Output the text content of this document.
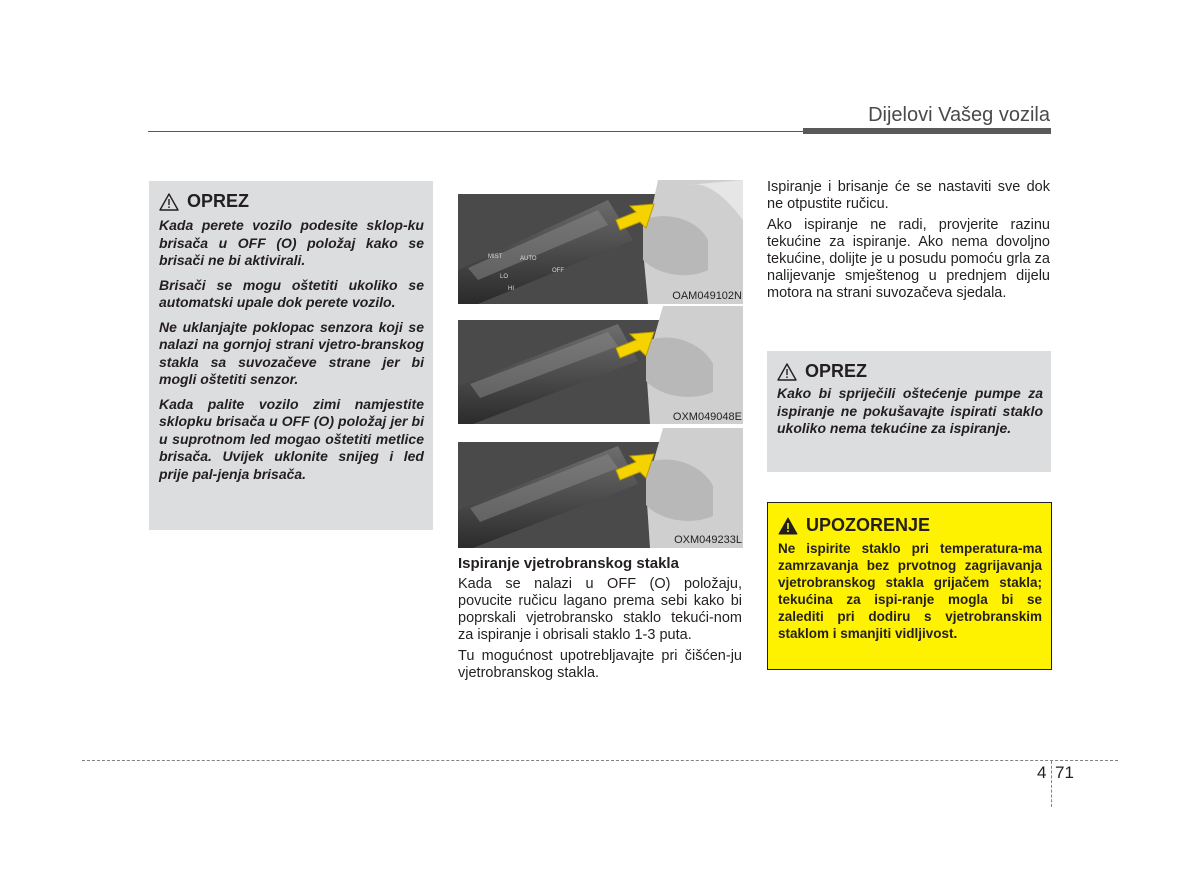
Dijelovi Vašeg vozila
OPREZ

Kada perete vozilo podesite sklop-ku brisača u OFF (O) položaj kako se brisači ne bi aktivirali.

Brisači se mogu oštetiti ukoliko se automatski upale dok perete vozilo.

Ne uklanjajte poklopac senzora koji se nalazi na gornjoj strani vjetro-branskog stakla sa suvozačeve strane jer bi mogli oštetiti senzor.

Kada palite vozilo zimi namjestite sklopku brisača u OFF (O) položaj jer bi u suprotnom led mogao oštetiti metlice brisača. Uvijek uklonite snijeg i led prije pal-jenja brisača.

AUTO
MIST
LO
HI
OFF
OAM049102N
OXM049048E
OXM049233L
Ispiranje vjetrobranskog stakla

Kada se nalazi u OFF (O) položaju, povucite ručicu lagano prema sebi kako bi poprskali vjetrobransko staklo tekući-nom za ispiranje i obrisali staklo 1-3 puta.

Tu mogućnost upotrebljavajte pri čišćen-ju vjetrobranskog stakla.

Ispiranje i brisanje će se nastaviti sve dok ne otpustite ručicu.

Ako ispiranje ne radi, provjerite razinu tekućine za ispiranje. Ako nema dovoljno tekućine, dolijte je u posudu pomoću grla za nalijevanje smještenog u prednjem dijelu motora na strani suvozačeva sjedala.

OPREZ

Kako bi spriječili oštećenje pumpe za ispiranje ne pokušavajte ispirati staklo ukoliko nema tekućine za ispiranje.

UPOZORENJE
Ne ispirite staklo pri temperatura-ma zamrzavanja bez prvotnog zagrijavanja vjetrobranskog stakla grijačem stakla; tekućina za ispi-ranje mogla bi se zalediti pri dodiru s vjetrobranskim staklom i smanjiti vidljivost.
4 71
